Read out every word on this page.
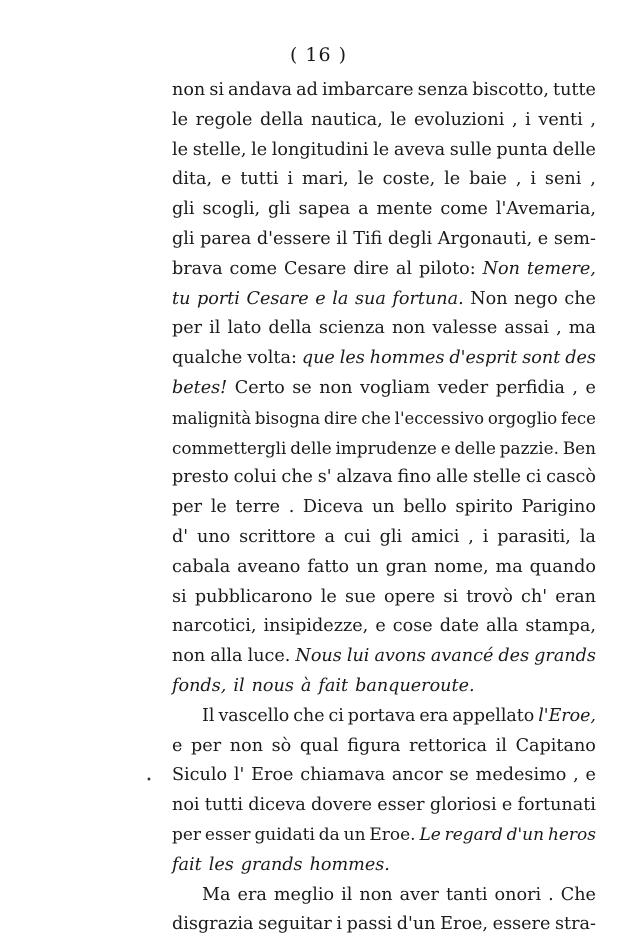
( 16 )
non si andava ad imbarcare senza biscotto, tutte
le regole della nautica, le evoluzioni , i venti ,
le stelle, le longitudini le aveva sulle punta delle
dita, e tutti i mari, le coste, le baie , i seni ,
gli scogli, gli sapea a mente come l'Avemaria,
gli parea d'essere il Tifi degli Argonauti, e sem-
brava come Cesare dire al piloto: Non temere,
tu porti Cesare e la sua fortuna. Non nego che
per il lato della scienza non valesse assai , ma
qualche volta: que les hommes d'esprit sont des
betes! Certo se non vogliam veder perfidia , e
malignità bisogna dire che l'eccessivo orgoglio fece
commettergli delle imprudenze e delle pazzie. Ben
presto colui che s' alzava fino alle stelle ci cascò
per le terre . Diceva un bello spirito Parigino
d' uno scrittore a cui gli amici , i parasiti, la
cabala aveano fatto un gran nome, ma quando
si pubblicarono le sue opere si trovò ch' eran
narcotici, insipidezze, e cose date alla stampa,
non alla luce. Nous lui avons avancé des grands
fonds, il nous à fait banqueroute.
Il vascello che ci portava era appellato l'Eroe,
e per non sò qual figura rettorica il Capitano
Siculo l' Eroe chiamava ancor se medesimo , e
noi tutti diceva dovere esser gloriosi e fortunati
per esser guidati da un Eroe. Le regard d'un heros
fait les grands hommes.
Ma era meglio il non aver tanti onori . Che
disgrazia seguitar i passi d'un Eroe, essere stra-
•
